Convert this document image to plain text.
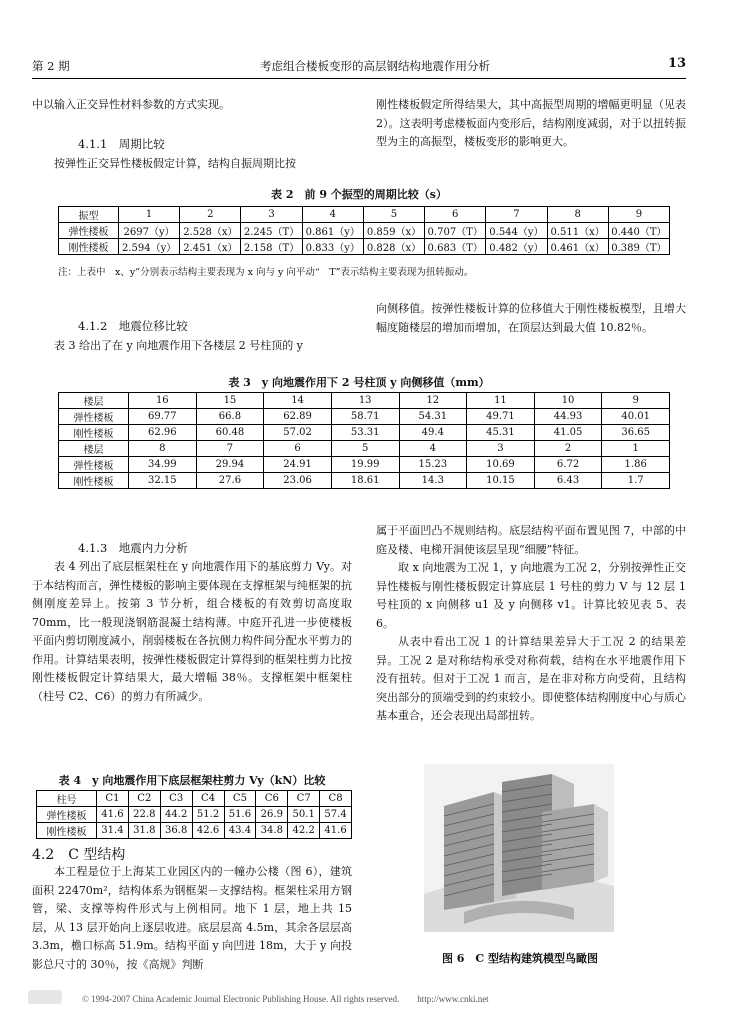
第 2 期	考虑组合楼板变形的高层钢结构地震作用分析	13

中以输入正交异性材料参数的方式实现。

4.1.1　周期比较

按弹性正交异性楼板假定计算，结构自振周期比按

刚性楼板假定所得结果大，其中高振型周期的增幅更明显（见表 2）。这表明考虑楼板面内变形后，结构刚度减弱，对于以扭转振型为主的高振型，楼板变形的影响更大。

表 2　前 9 个振型的周期比较（s）
振型	1	2	3	4	5	6	7	8	9
弹性楼板	2697（y）	2.528（x）	2.245（T）	0.861（y）	0.859（x）	0.707（T）	0.544（y）	0.511（x）	0.440（T）
刚性楼板	2.594（y）	2.451（x）	2.158（T）	0.833（y）	0.828（x）	0.683（T）	0.482（y）	0.461（x）	0.389（T）
注：上表中　x、y”分别表示结构主要表现为 x 向与 y 向平动“　T”表示结构主要表现为扭转振动。
4.1.2　地震位移比较

表 3 给出了在 y 向地震作用下各楼层 2 号柱顶的 y

向侧移值。按弹性楼板计算的位移值大于刚性楼板模型，且增大幅度随楼层的增加而增加，在顶层达到最大值 10.82％。

表 3　y 向地震作用下 2 号柱顶 y 向侧移值（mm）
楼层	16	15	14	13	12	11	10	9
弹性楼板	69.77	66.8	62.89	58.71	54.31	49.71	44.93	40.01
刚性楼板	62.96	60.48	57.02	53.31	49.4	45.31	41.05	36.65
楼层	8	7	6	5	4	3	2	1
弹性楼板	34.99	29.94	24.91	19.99	15.23	10.69	6.72	1.86
刚性楼板	32.15	27.6	23.06	18.61	14.3	10.15	6.43	1.7
4.1.3　地震内力分析

表 4 列出了底层框架柱在 y 向地震作用下的基底剪力 Vy。对于本结构而言，弹性楼板的影响主要体现在支撑框架与纯框架的抗侧刚度差异上。按第 3 节分析，组合楼板的有效剪切高度取 70mm，比一般现浇钢筋混凝土结构薄。中庭开孔进一步使楼板平面内剪切刚度减小，削弱楼板在各抗侧力构件间分配水平剪力的作用。计算结果表明，按弹性楼板假定计算得到的框架柱剪力比按刚性楼板假定计算结果大，最大增幅 38％。支撑框架中框架柱（柱号 C2、C6）的剪力有所减少。

表 4　y 向地震作用下底层框架柱剪力 Vy（kN）比较
柱号	C1	C2	C3	C4	C5	C6	C7	C8
弹性楼板	41.6	22.8	44.2	51.2	51.6	26.9	50.1	57.4
刚性楼板	31.4	31.8	36.8	42.6	43.4	34.8	42.2	41.6
4.2　C 型结构

本工程是位于上海某工业园区内的一幢办公楼（图 6），建筑面积 22470m²，结构体系为钢框架－支撑结构。框架柱采用方钢管，梁、支撑等构件形式与上例相同。地下 1 层，地上共 15 层，从 13 层开始向上逐层收进。底层层高 4.5m，其余各层层高 3.3m，檐口标高 51.9m。结构平面 y 向凹进 18m，大于 y 向投影总尺寸的 30％，按《高规》判断

属于平面凹凸不规则结构。底层结构平面布置见图 7，中部的中庭及楼、电梯开洞使该层呈现“细腰”特征。

取 x 向地震为工况 1，y 向地震为工况 2，分别按弹性正交异性楼板与刚性楼板假定计算底层 1 号柱的剪力 V 与 12 层 1 号柱顶的 x 向侧移 u1 及 y 向侧移 v1。计算比较见表 5、表 6。

从表中看出工况 1 的计算结果差异大于工况 2 的结果差异。工况 2 是对称结构承受对称荷载，结构在水平地震作用下没有扭转。但对于工况 1 而言，是在非对称方向受荷，且结构突出部分的顶端受到的约束较小。即使整体结构刚度中心与质心基本重合，还会表现出局部扭转。

图 6　C 型结构建筑模型鸟瞰图
© 1994-2007 China Academic Journal Electronic Publishing House. All rights reserved.　　http://www.cnki.net
